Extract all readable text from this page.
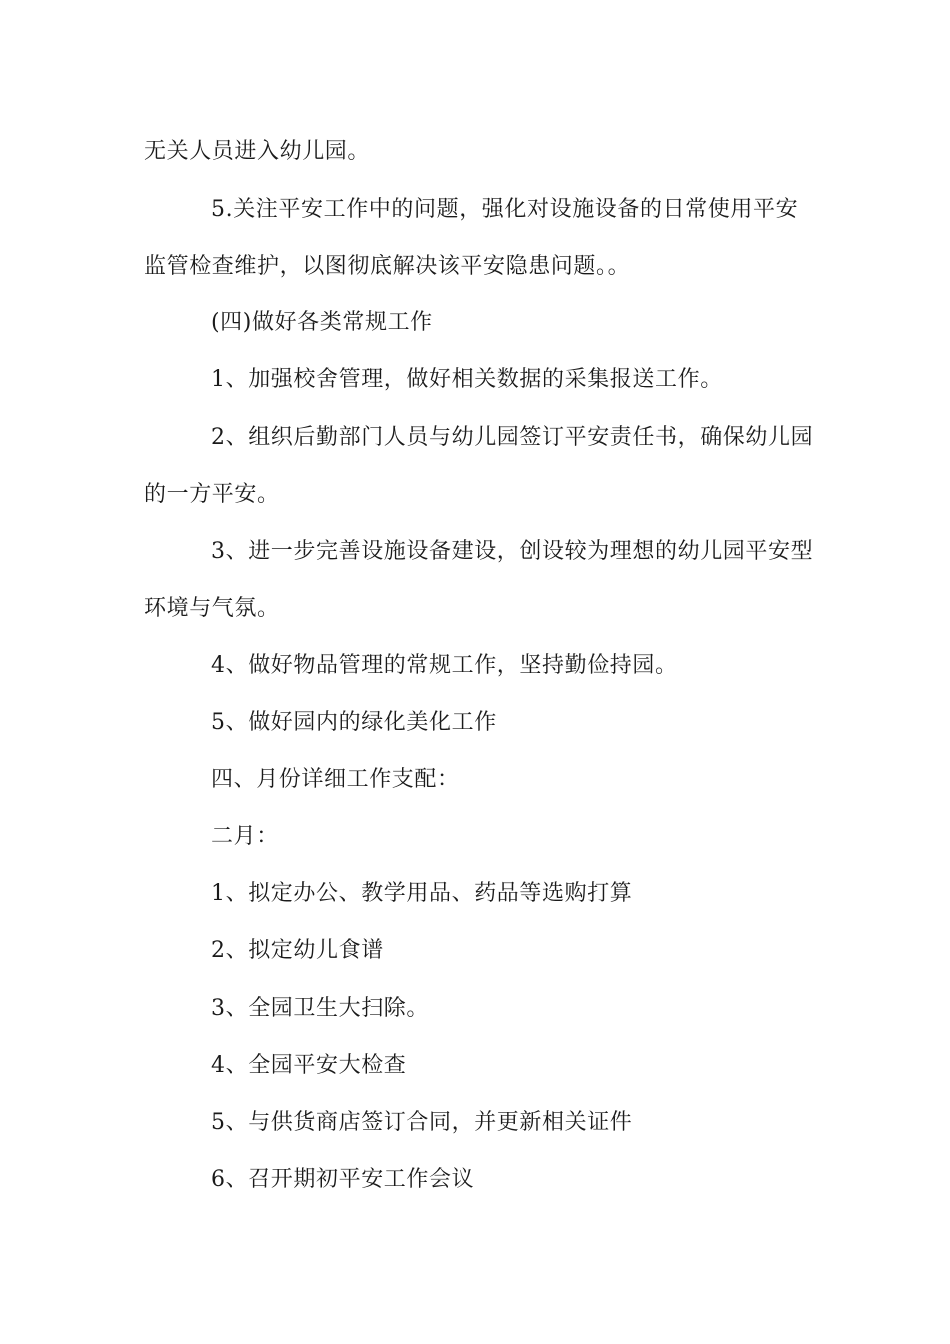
无关人员进入幼儿园。
5.关注平安工作中的问题，强化对设施设备的日常使用平安
监管检查维护，以图彻底解决该平安隐患问题。。
(四)做好各类常规工作
1、加强校舍管理，做好相关数据的采集报送工作。
2、组织后勤部门人员与幼儿园签订平安责任书，确保幼儿园
的一方平安。
3、进一步完善设施设备建设，创设较为理想的幼儿园平安型
环境与气氛。
4、做好物品管理的常规工作，坚持勤俭持园。
5、做好园内的绿化美化工作
四、月份详细工作支配：
二月：
1、拟定办公、教学用品、药品等选购打算
2、拟定幼儿食谱
3、全园卫生大扫除。
4、全园平安大检查
5、与供货商店签订合同，并更新相关证件
6、召开期初平安工作会议
